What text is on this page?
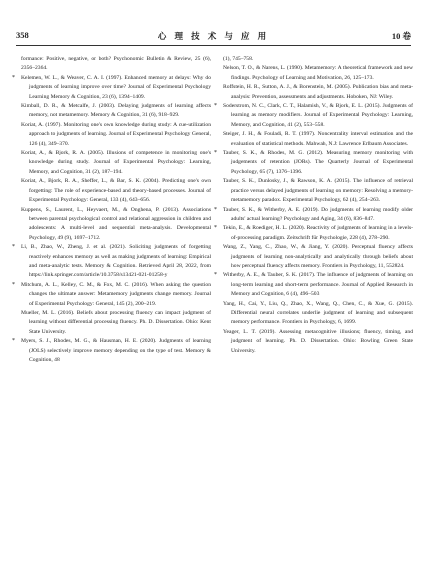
358	心 理 技 术 与 应 用	10 卷

formance: Positive, negative, or both? Psychonomic Bulletin & Review, 25 (6), 2356–2364.

*	Kelemen, W. L., & Weaver, C. A. I. (1997). Enhanced memory at delays: Why do judgments of learning improve over time? Journal of Experimental Psychology Learning Memory & Cognition, 23 (6), 1394–1409.

Kimball, D. R., & Metcalfe, J. (2003). Delaying judgments of learning affects memory, not metamemory. Memory & Cognition, 31 (6), 918–929.

Koriat, A. (1997). Monitoring one's own knowledge during study: A cue-utilization approach to judgments of learning. Journal of Experimental Psychology General, 126 (4), 349–370.

Koriat, A., & Bjork, R. A. (2005). Illusions of competence in monitoring one's knowledge during study. Journal of Experimental Psychology: Learning, Memory, and Cognition, 31 (2), 187–194.

Koriat, A., Bjork, R. A., Sheffer, L., & Bar, S. K. (2004). Predicting one's own forgetting: The role of experience-based and theory-based processes. Journal of Experimental Psychology: General, 133 (4), 643–656.

Kuppens, S., Laurent, L., Heyvaert, M., & Onghena, P. (2013). Associations between parental psychological control and relational aggression in children and adolescents: A multi-level and sequential meta-analysis. Developmental Psychology, 49 (9), 1697–1712.

*	Li, B., Zhao, W., Zheng, J. et al. (2021). Soliciting judgments of forgetting reactively enhances memory as well as making judgments of learning: Empirical and meta-analytic tests. Memory & Cognition. Retrieved April 28, 2022, from https://link.springer.com/article/10.3758/s13421-021-01258-y

*	Mitchum, A. L., Kelley, C. M., & Fox, M. C. (2016). When asking the question changes the ultimate answer: Metamemory judgments change memory. Journal of Experimental Psychology: General, 145 (2), 200–219.

Mueller, M. L. (2016). Beliefs about processing fluency can impact judgment of learning without differential processing fluency. Ph. D. Dissertation. Ohio: Kent State University.

*	Myers, S. J., Rhodes, M. G., & Hausman, H. E. (2020). Judgments of learning (JOLS) selectively improve memory depending on the type of test. Memory & Cognition, 48

(1), 745–758.

Nelson, T. O., & Narens, L. (1990). Metamemory: A theoretical framework and new findings. Psychology of Learning and Motivation, 26, 125–173.

Roffstein, H. R., Sutton, A. J., & Borenstein, M. (2005). Publication bias and meta-analysis: Prevention, assessments and adjustments. Hoboken, NJ: Wiley.

*	Soderstrom, N. C., Clark, C. T., Halamish, V., & Bjork, E. L. (2015). Judgments of learning as memory modifiers. Journal of Experimental Psychology: Learning, Memory, and Cognition, 41 (2), 553–558.

Steiger, J. H., & Fouladi, R. T. (1997). Noncentrality interval estimation and the evaluation of statistical methods. Mahwah, N.J: Lawrence Erlbaum Associates.

*	Tauber, S. K., & Rhodes, M. G. (2012). Measuring memory monitoring with judgements of retention (JORs). The Quarterly Journal of Experimental Psychology, 65 (7), 1376–1396.

Tauber, S. K., Dunlosky, J., & Rawson, K. A. (2015). The influence of retrieval practice versus delayed judgments of learning on memory: Resolving a memory-metamemory paradox. Experimental Psychology, 62 (4), 254–263.

*	Tauber, S. K., & Witherby, A. E. (2019). Do judgments of learning modify older adults' actual learning? Psychology and Aging, 34 (6), 836–847.

*	Tekin, E., & Roediger, H. L. (2020). Reactivity of judgments of learning in a levels-of-processing paradigm. Zeitschrift für Psychologie, 228 (4), 278–290.

Wang, Z., Yang, C., Zhao, W., & Jiang, Y. (2020). Perceptual fluency affects judgments of learning non-analytically and analytically through beliefs about how perceptual fluency affects memory. Frontiers in Psychology, 11, 552824.

*	Witherby, A. E., & Tauber, S. K. (2017). The influence of judgments of learning on long-term learning and short-term performance. Journal of Applied Research in Memory and Cognition, 6 (4), 496–503

Yang, H., Cai, Y., Liu, Q., Zhao, X., Wang, Q., Chen, C., & Xue, G. (2015). Differential neural correlates underlie judgment of learning and subsequent memory performance. Frontiers in Psychology, 6, 1699.

Yeager, L. T. (2019). Assessing metacognitive illusions; fluency, timing, and judgment of learning. Ph. D. Dissertation. Ohio: Bowling Green State University.
